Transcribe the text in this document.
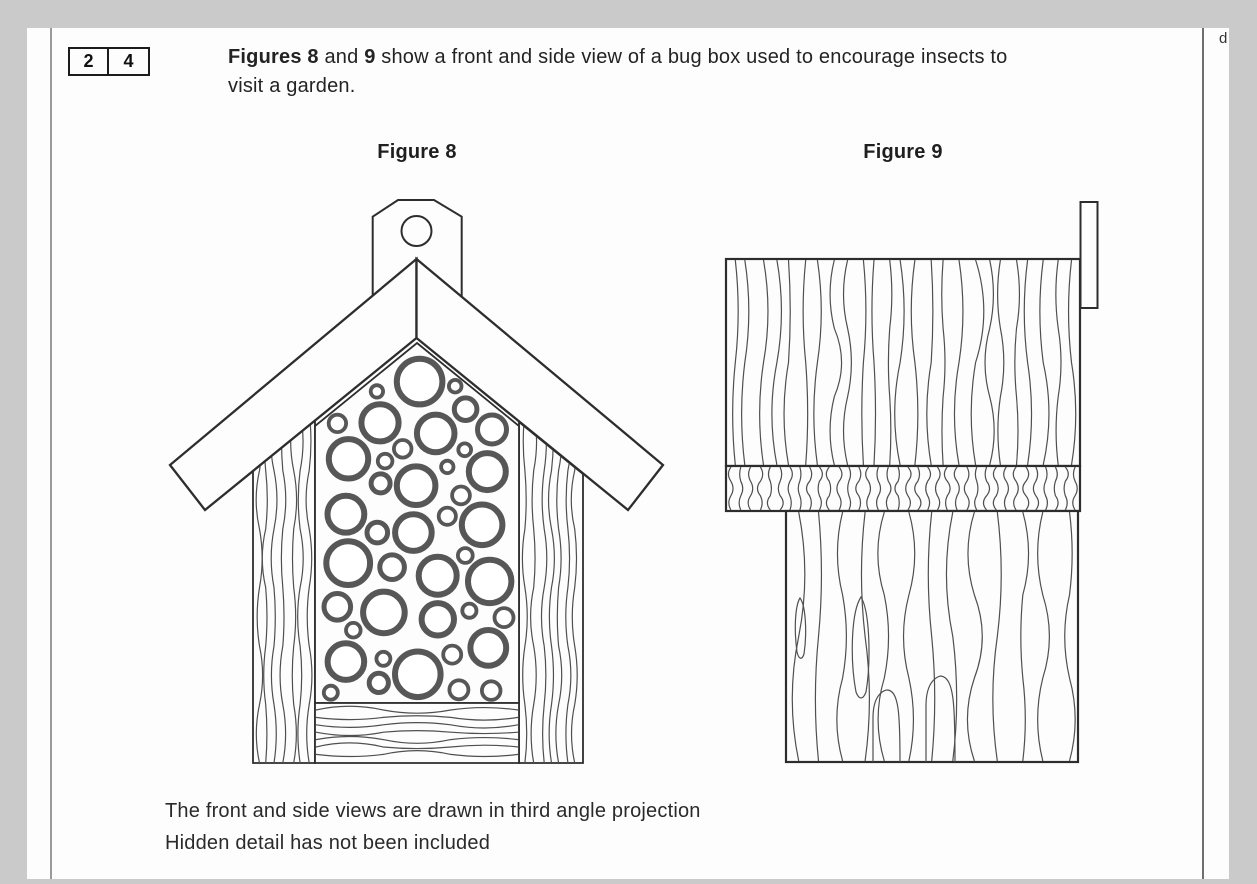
2	4	Figures 8 and 9 show a front and side view of a bug box used to encourage insects to
visit a garden.
Figure 8	Figure 9
The front and side views are drawn in third angle projection
Hidden detail has not been included
d
